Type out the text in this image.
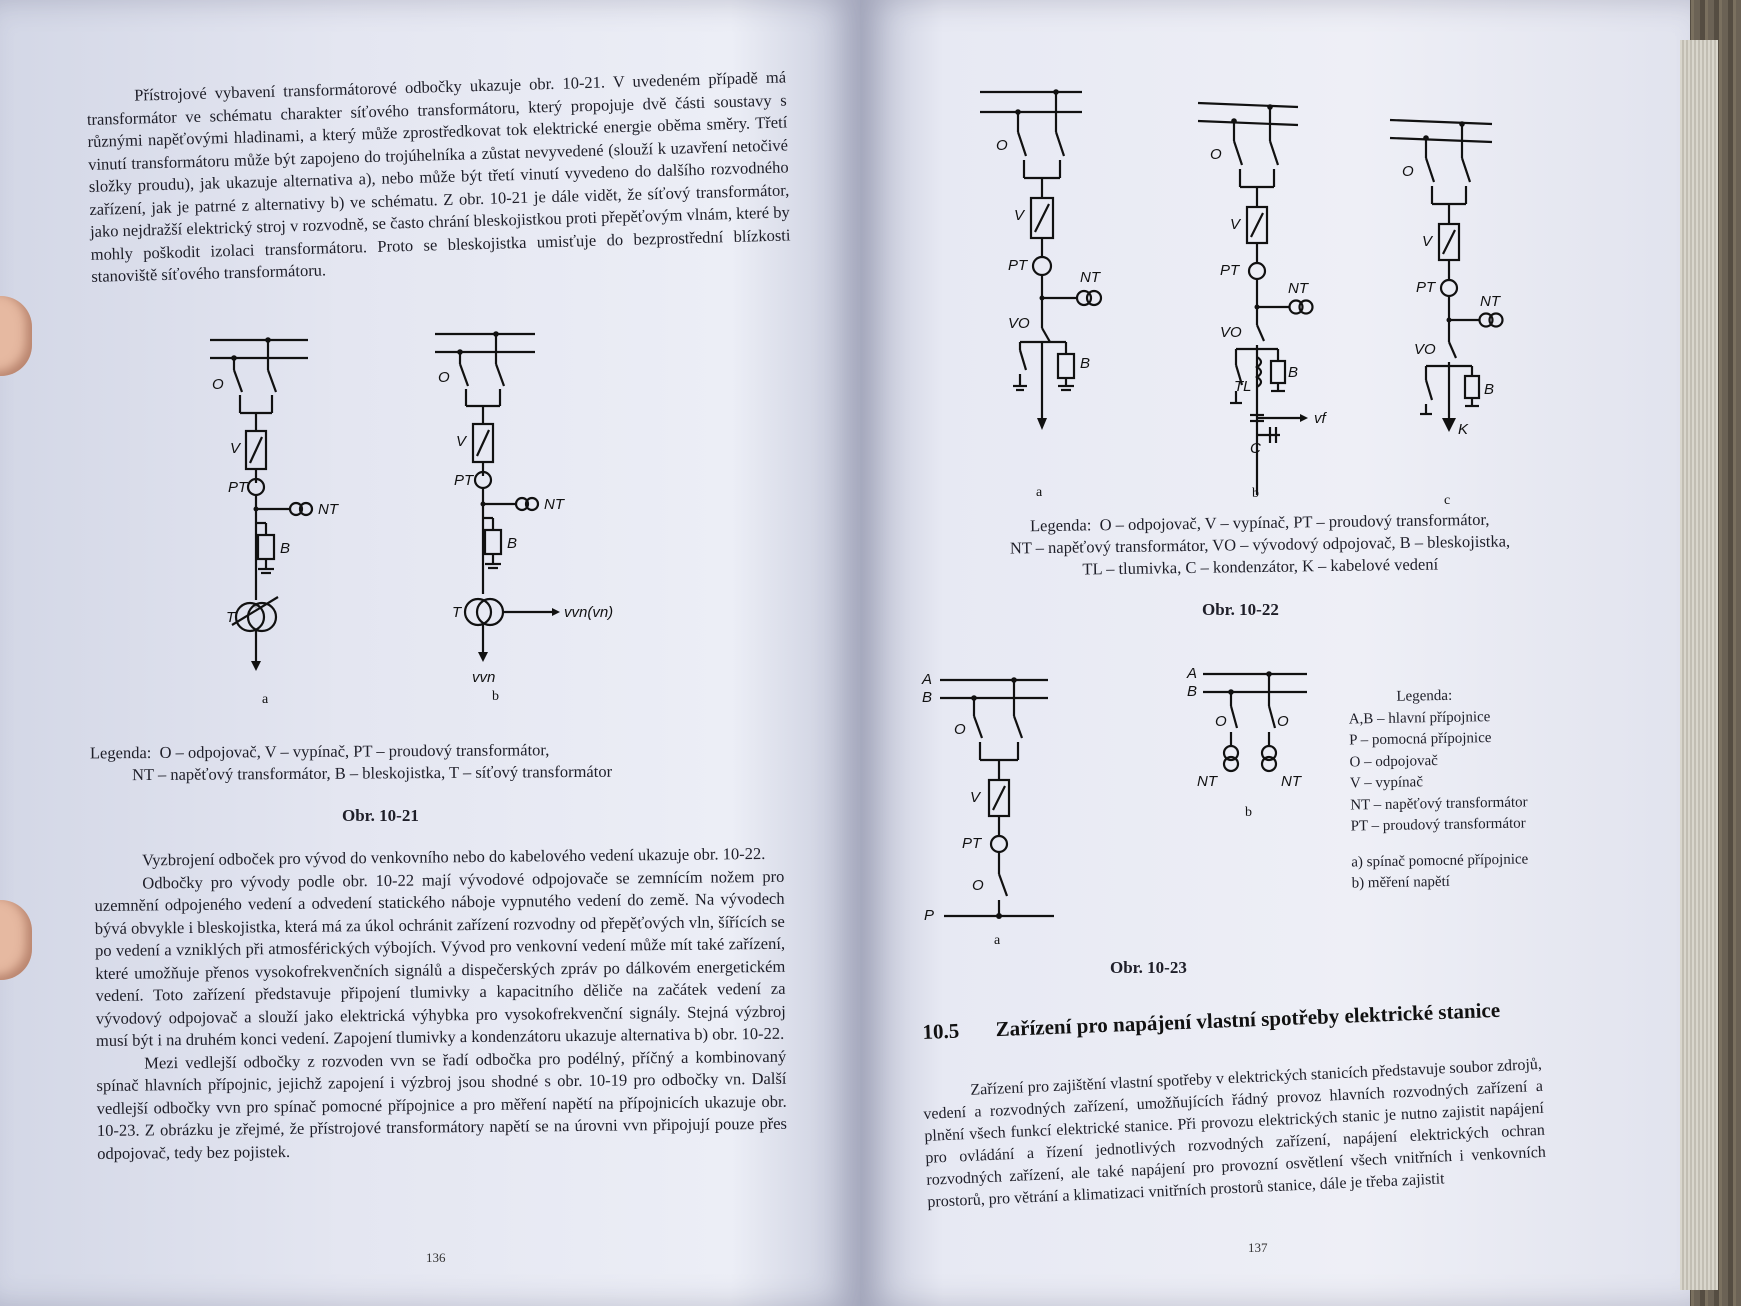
Přístrojové vybavení transformátorové odbočky ukazuje obr. 10-21. V uvedeném případě má transformátor ve schématu charakter síťového transformátoru, který propojuje dvě části soustavy s různými napěťovými hladinami, a který může zprostředkovat tok elektrické energie oběma směry. Třetí vinutí transformátoru může být zapojeno do trojúhelníka a zůstat nevyvedené (slouží k uzavření netočivé složky proudu), jak ukazuje alternativa a), nebo může být třetí vinutí vyvedeno do dalšího rozvodného zařízení, jak je patrné z alternativy b) ve schématu. Z obr. 10-21 je dále vidět, že síťový transformátor, jako nejdražší elektrický stroj v rozvodně, se často chrání bleskojistkou proti přepěťovým vlnám, které by mohly poškodit izolaci transformátoru. Proto se bleskojistka umisťuje do bezprostřední blízkosti stanoviště síťového transformátoru.

O
V
PT
NT
B
T
a
O
V
PT
NT
B
T	vvn(vn)
vvn
b
Legenda: O – odpojovač, V – vypínač, PT – proudový transformátor,
NT – napěťový transformátor, B – bleskojistka, T – síťový transformátor
Obr. 10-21

Vyzbrojení odboček pro vývod do venkovního nebo do kabelového vedení ukazuje obr. 10-22.

Odbočky pro vývody podle obr. 10-22 mají vývodové odpojovače se zemnícím nožem pro uzemnění odpojeného vedení a odvedení statického náboje vypnutého vedení do země. Na vývodech bývá obvykle i bleskojistka, která má za úkol ochránit zařízení rozvodny od přepěťových vln, šířících se po vedení a vzniklých při atmosférických výbojích. Vývod pro venkovní vedení může mít také zařízení, které umožňuje přenos vysokofrekvenčních signálů a dispečerských zpráv po dálkovém energetickém vedení. Toto zařízení představuje připojení tlumivky a kapacitního děliče na začátek vedení za vývodový odpojovač a slouží jako elektrická výhybka pro vysokofrekvenční signály. Stejná výzbroj musí být i na druhém konci vedení. Zapojení tlumivky a kondenzátoru ukazuje alternativa b) obr. 10-22.

Mezi vedlejší odbočky z rozvoden vvn se řadí odbočka pro podélný, příčný a kombinovaný spínač hlavních přípojnic, jejichž zapojení i výzbroj jsou shodné s obr. 10-19 pro odbočky vn. Další vedlejší odbočky vvn pro spínač pomocné přípojnice a pro měření napětí na přípojnicích ukazuje obr. 10-23. Z obrázku je zřejmé, že přístrojové transformátory napětí se na úrovni vvn připojují pouze přes odpojovač, tedy bez pojistek.

136
O
V
PT
NT
VO
B
a
O
V
PT
NT
VO
B
TL
vf
C
b
O
V
PT
NT
VO
B
K
c
Legenda: O – odpojovač, V – vypínač, PT – proudový transformátor,
NT – napěťový transformátor, VO – vývodový odpojovač, B – bleskojistka,
TL – tlumivka, C – kondenzátor, K – kabelové vedení
Obr. 10-22
A
B
O
V
PT
O
P
a
A
B
O	O
NT	NT
b
Legenda:
A,B – hlavní přípojnice
P – pomocná přípojnice
O – odpojovač
V – vypínač
NT – napěťový transformátor
PT – proudový transformátor
a) spínač pomocné přípojnice
b) měření napětí
Obr. 10-23
10.5 Zařízení pro napájení vlastní spotřeby elektrické stanice

Zařízení pro zajištění vlastní spotřeby v elektrických stanicích představuje soubor zdrojů, vedení a rozvodných zařízení, umožňujících řádný provoz hlavních rozvodných zařízení a plnění všech funkcí elektrické stanice. Při provozu elektrických stanic je nutno zajistit napájení pro ovládání a řízení jednotlivých rozvodných zařízení, napájení elektrických ochran rozvodných zařízení, ale také napájení pro provozní osvětlení všech vnitřních i venkovních prostorů, pro větrání a klimatizaci vnitřních prostorů stanice, dále je třeba zajistit

137
